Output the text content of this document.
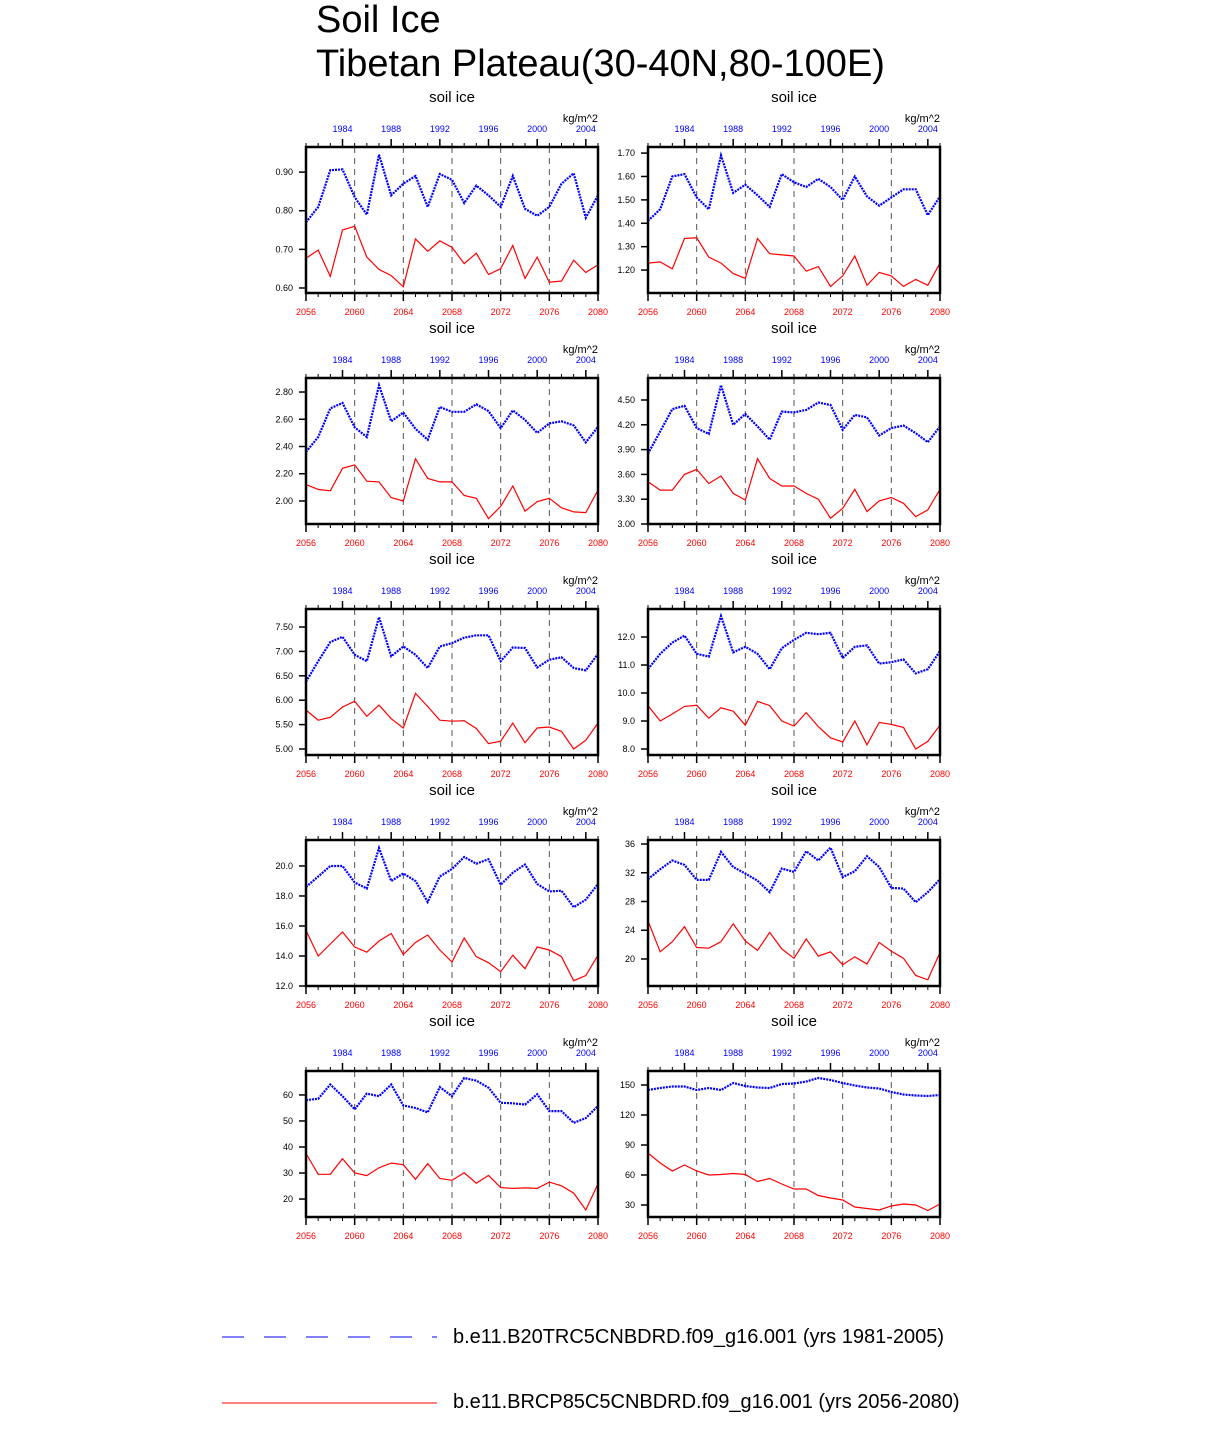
Soil Ice
Tibetan Plateau(30-40N,80-100E)
soil ice
kg/m^2
2056	2060	2064	2068	2072	2076	2080
1984	1988	1992	1996	2000	2004
0.60
0.70
0.80
0.90
soil ice
kg/m^2
2056	2060	2064	2068	2072	2076	2080
1984	1988	1992	1996	2000	2004
1.20
1.30
1.40
1.50
1.60
1.70
soil ice
kg/m^2
2056	2060	2064	2068	2072	2076	2080
1984	1988	1992	1996	2000	2004
2.00
2.20
2.40
2.60
2.80
soil ice
kg/m^2
2056	2060	2064	2068	2072	2076	2080
1984	1988	1992	1996	2000	2004
3.00
3.30
3.60
3.90
4.20
4.50
soil ice
kg/m^2
2056	2060	2064	2068	2072	2076	2080
1984	1988	1992	1996	2000	2004
5.00
5.50
6.00
6.50
7.00
7.50
soil ice
kg/m^2
2056	2060	2064	2068	2072	2076	2080
1984	1988	1992	1996	2000	2004
8.0
9.0
10.0
11.0
12.0
soil ice
kg/m^2
2056	2060	2064	2068	2072	2076	2080
1984	1988	1992	1996	2000	2004
12.0
14.0
16.0
18.0
20.0
soil ice
kg/m^2
2056	2060	2064	2068	2072	2076	2080
1984	1988	1992	1996	2000	2004
20
24
28
32
36
soil ice
kg/m^2
2056	2060	2064	2068	2072	2076	2080
1984	1988	1992	1996	2000	2004
20
30
40
50
60
soil ice
kg/m^2
2056	2060	2064	2068	2072	2076	2080
1984	1988	1992	1996	2000	2004
30
60
90
120
150
b.e11.B20TRC5CNBDRD.f09_g16.001 (yrs 1981-2005)
b.e11.BRCP85C5CNBDRD.f09_g16.001 (yrs 2056-2080)
